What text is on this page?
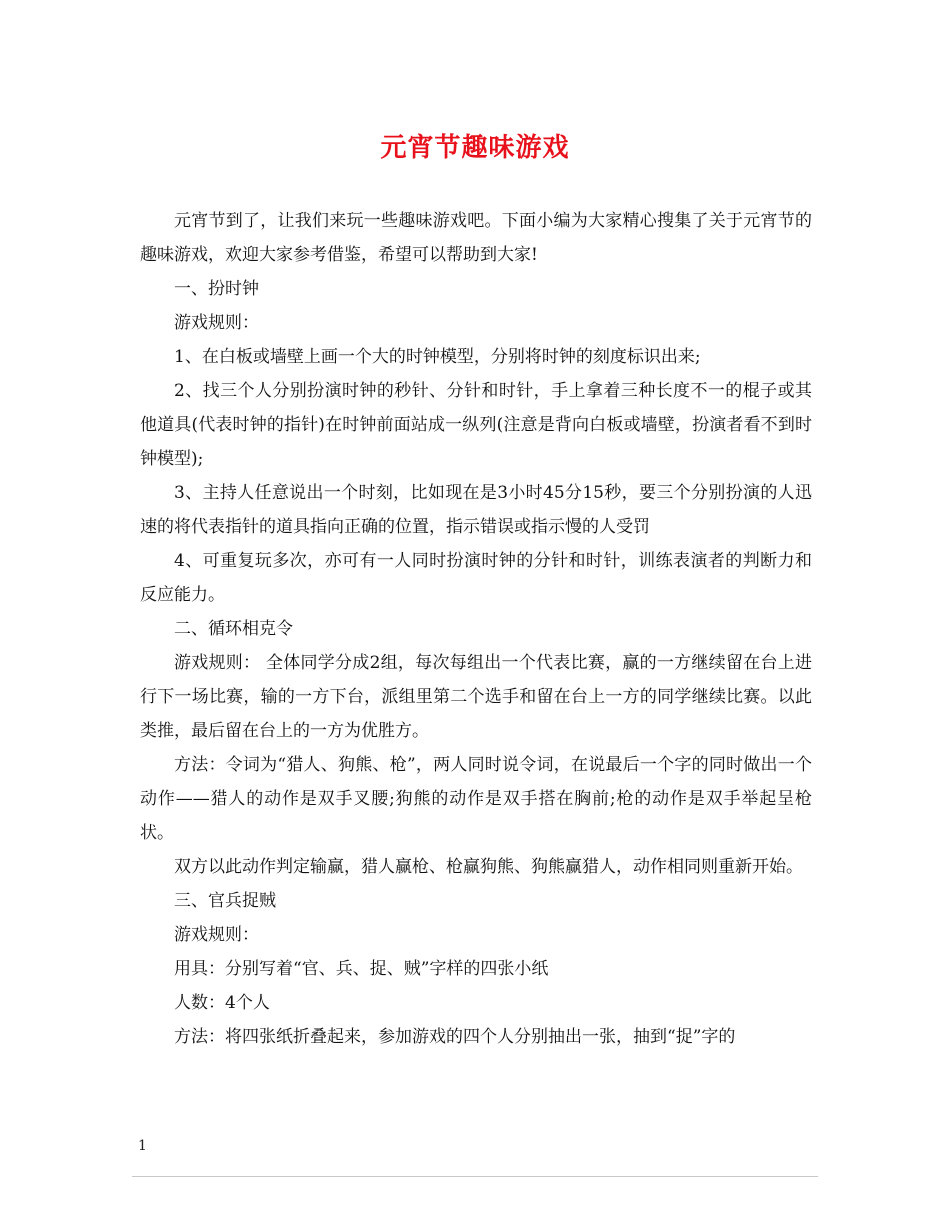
元宵节趣味游戏

元宵节到了，让我们来玩一些趣味游戏吧。下面小编为大家精心搜集了关于元宵节的趣味游戏，欢迎大家参考借鉴，希望可以帮助到大家!

一、扮时钟

游戏规则：

1、在白板或墙壁上画一个大的时钟模型，分别将时钟的刻度标识出来;

2、找三个人分别扮演时钟的秒针、分针和时针，手上拿着三种长度不一的棍子或其他道具(代表时钟的指针)在时钟前面站成一纵列(注意是背向白板或墙壁，扮演者看不到时钟模型);

3、主持人任意说出一个时刻，比如现在是3小时45分15秒，要三个分别扮演的人迅速的将代表指针的道具指向正确的位置，指示错误或指示慢的人受罚

4、可重复玩多次，亦可有一人同时扮演时钟的分针和时针，训练表演者的判断力和反应能力。

二、循环相克令

游戏规则： 全体同学分成2组，每次每组出一个代表比赛，赢的一方继续留在台上进行下一场比赛，输的一方下台，派组里第二个选手和留在台上一方的同学继续比赛。以此类推，最后留在台上的一方为优胜方。

方法：令词为“猎人、狗熊、枪”，两人同时说令词，在说最后一个字的同时做出一个动作——猎人的动作是双手叉腰;狗熊的动作是双手搭在胸前;枪的动作是双手举起呈枪状。

双方以此动作判定输赢，猎人赢枪、枪赢狗熊、狗熊赢猎人，动作相同则重新开始。

三、官兵捉贼

游戏规则：

用具：分别写着“官、兵、捉、贼”字样的四张小纸

人数：4个人

方法：将四张纸折叠起来，参加游戏的四个人分别抽出一张，抽到“捉”字的

1
